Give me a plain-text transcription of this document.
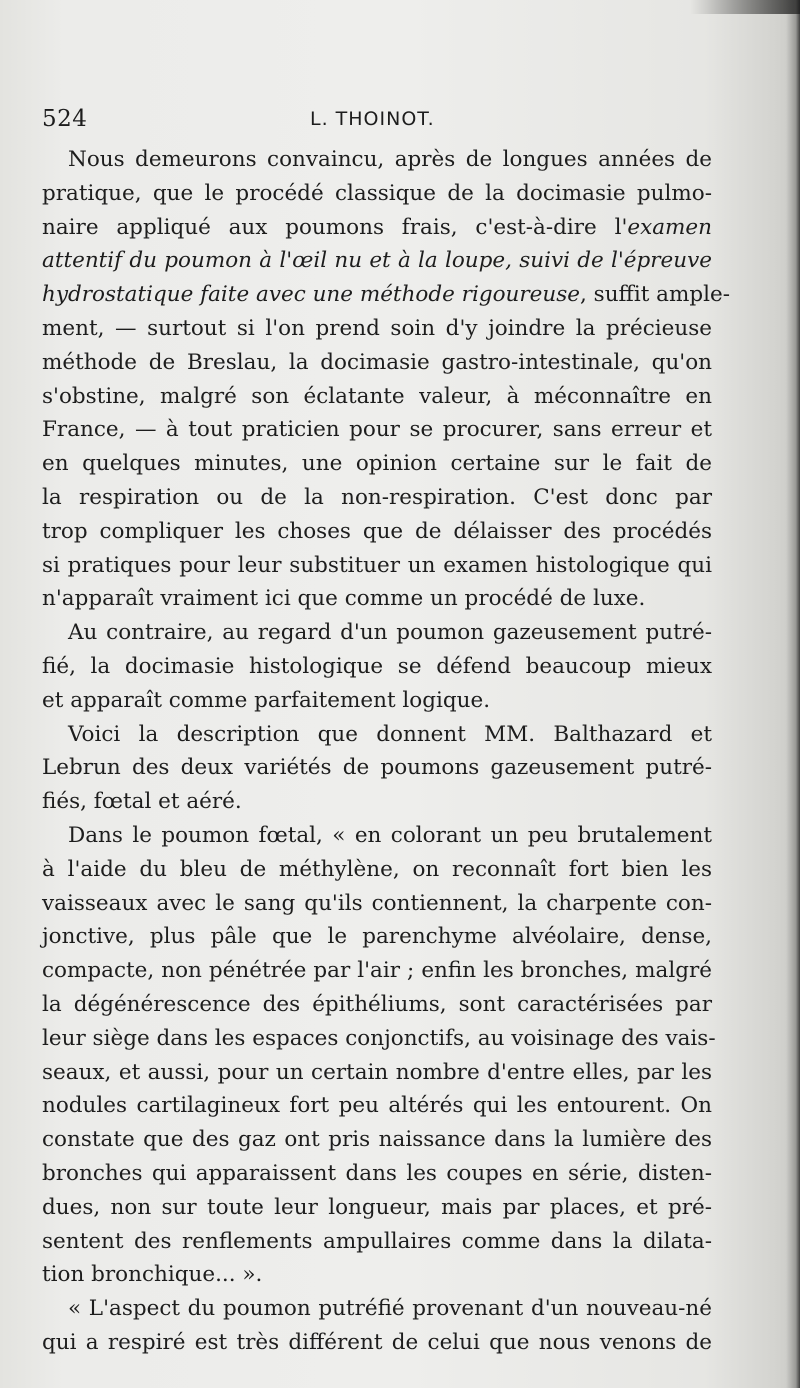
524	L. THOINOT.
Nous demeurons convaincu, après de longues années de
pratique, que le procédé classique de la docimasie pulmo-
naire appliqué aux poumons frais, c'est-à-dire l'examen
attentif du poumon à l'œil nu et à la loupe, suivi de l'épreuve
hydrostatique faite avec une méthode rigoureuse, suffit ample-
ment, — surtout si l'on prend soin d'y joindre la précieuse
méthode de Breslau, la docimasie gastro-intestinale, qu'on
s'obstine, malgré son éclatante valeur, à méconnaître en
France, — à tout praticien pour se procurer, sans erreur et
en quelques minutes, une opinion certaine sur le fait de
la respiration ou de la non-respiration. C'est donc par
trop compliquer les choses que de délaisser des procédés
si pratiques pour leur substituer un examen histologique qui
n'apparaît vraiment ici que comme un procédé de luxe.
Au contraire, au regard d'un poumon gazeusement putré-
fié, la docimasie histologique se défend beaucoup mieux
et apparaît comme parfaitement logique.
Voici la description que donnent MM. Balthazard et
Lebrun des deux variétés de poumons gazeusement putré-
fiés, fœtal et aéré.
Dans le poumon fœtal, « en colorant un peu brutalement
à l'aide du bleu de méthylène, on reconnaît fort bien les
vaisseaux avec le sang qu'ils contiennent, la charpente con-
jonctive, plus pâle que le parenchyme alvéolaire, dense,
compacte, non pénétrée par l'air ; enfin les bronches, malgré
la dégénérescence des épithéliums, sont caractérisées par
leur siège dans les espaces conjonctifs, au voisinage des vais-
seaux, et aussi, pour un certain nombre d'entre elles, par les
nodules cartilagineux fort peu altérés qui les entourent. On
constate que des gaz ont pris naissance dans la lumière des
bronches qui apparaissent dans les coupes en série, disten-
dues, non sur toute leur longueur, mais par places, et pré-
sentent des renflements ampullaires comme dans la dilata-
tion bronchique... ».
« L'aspect du poumon putréfié provenant d'un nouveau-né
qui a respiré est très différent de celui que nous venons de
